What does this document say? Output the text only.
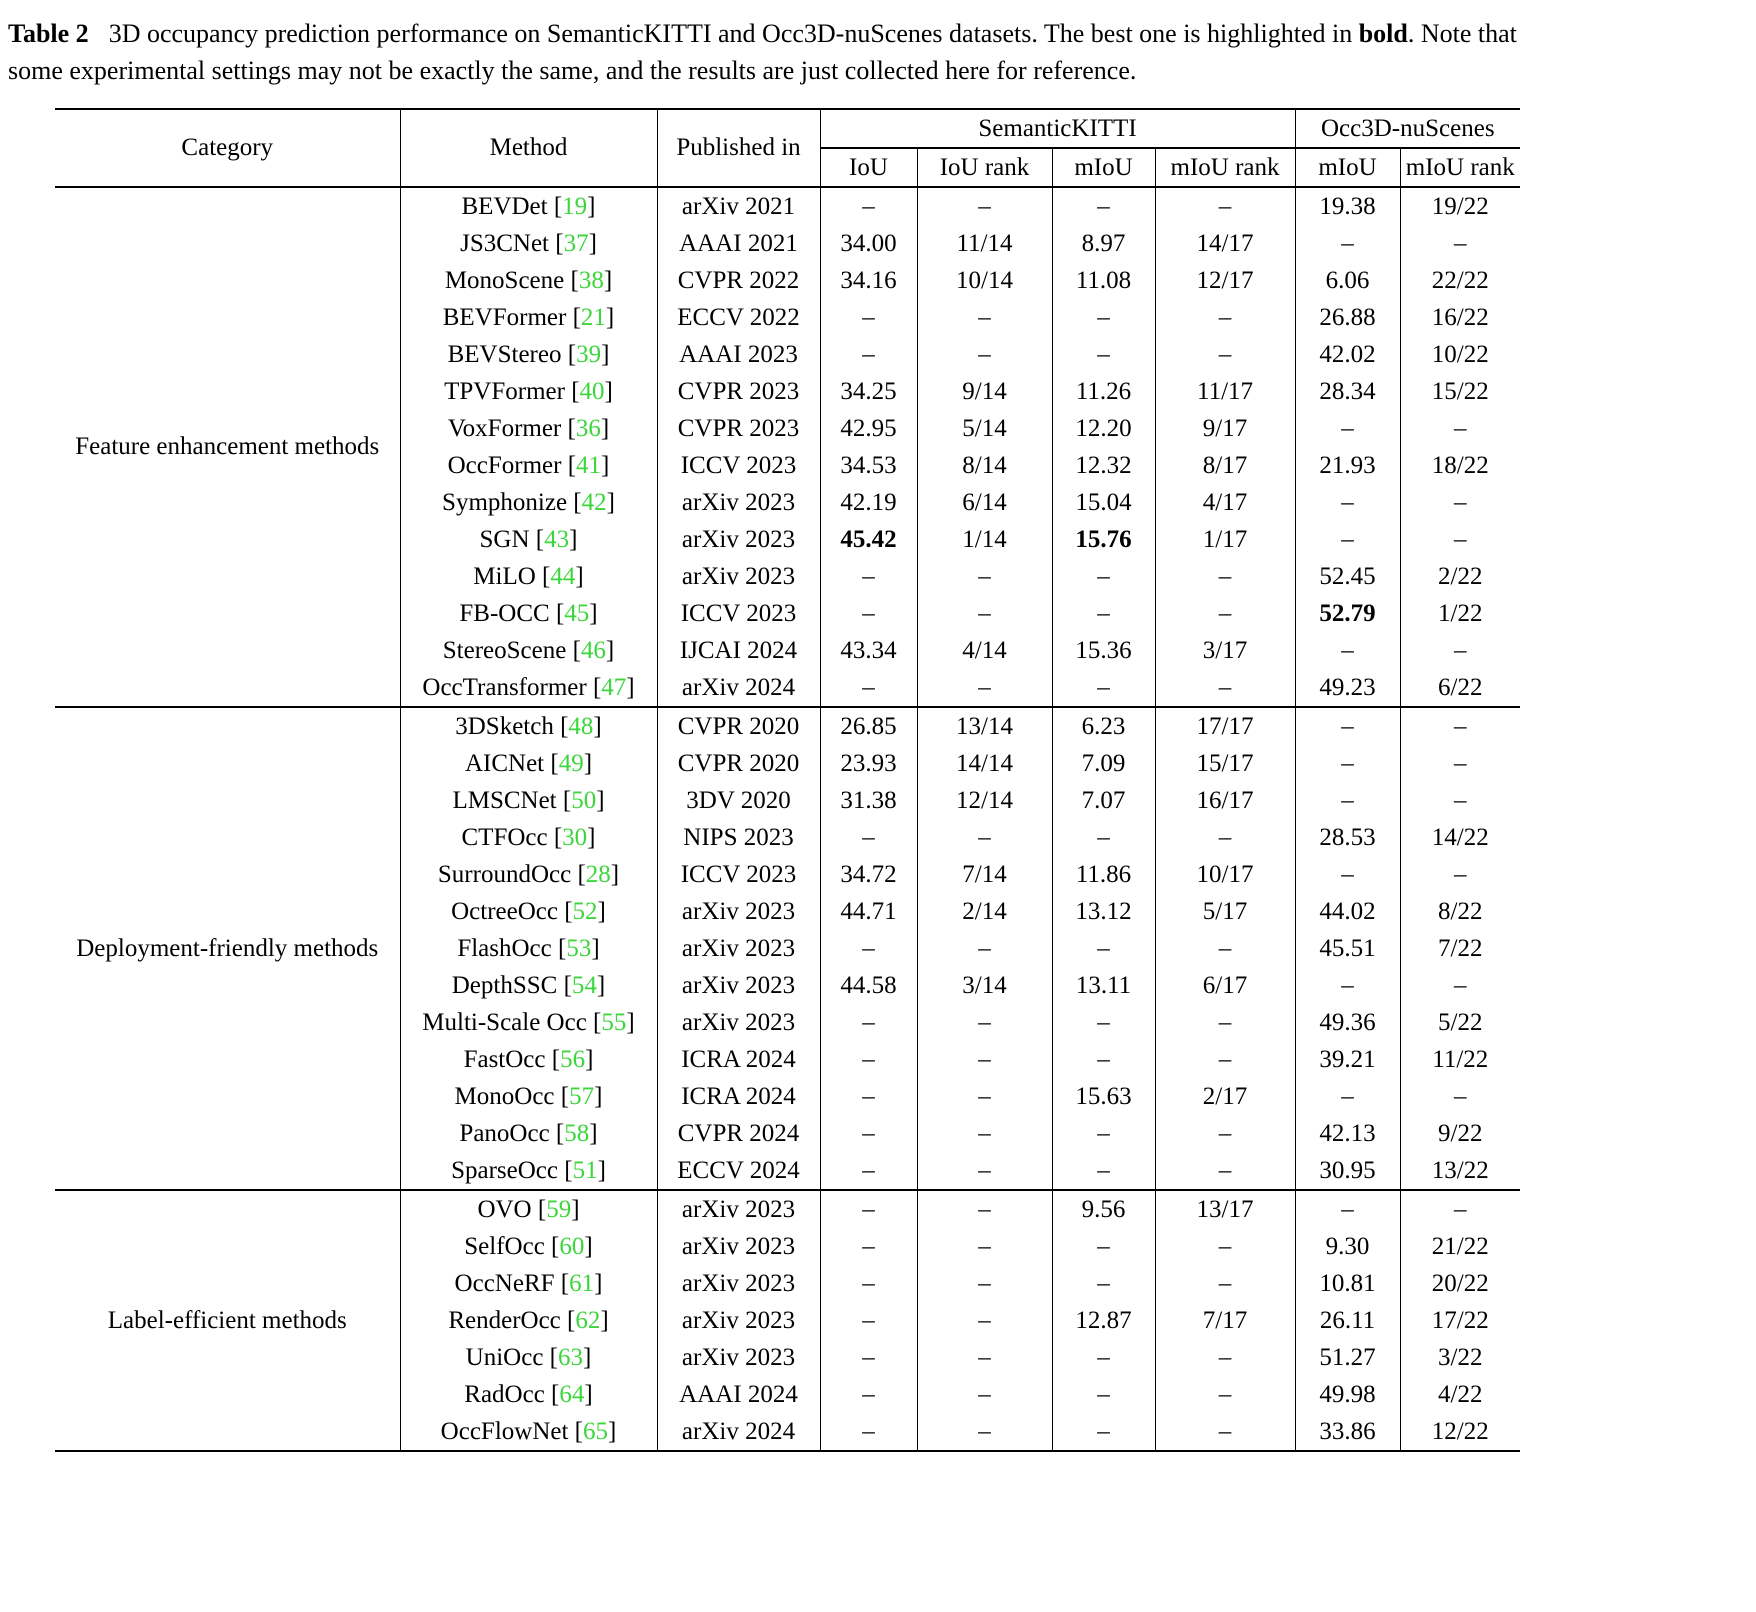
Table 2 3D occupancy prediction performance on SemanticKITTI and Occ3D-nuScenes datasets. The best one is highlighted in bold. Note that some experimental settings may not be exactly the same, and the results are just collected here for reference.
Category	Method	Published in	SemanticKITTI				Occ3D-nuScenes	
			IoU	IoU rank	mIoU	mIoU rank	mIoU	mIoU rank
Feature enhancement methods	BEVDet [19]	arXiv 2021	–	–	–	–	19.38	19/22
	JS3CNet [37]	AAAI 2021	34.00	11/14	8.97	14/17	–	–
	MonoScene [38]	CVPR 2022	34.16	10/14	11.08	12/17	6.06	22/22
	BEVFormer [21]	ECCV 2022	–	–	–	–	26.88	16/22
	BEVStereo [39]	AAAI 2023	–	–	–	–	42.02	10/22
	TPVFormer [40]	CVPR 2023	34.25	9/14	11.26	11/17	28.34	15/22
	VoxFormer [36]	CVPR 2023	42.95	5/14	12.20	9/17	–	–
	OccFormer [41]	ICCV 2023	34.53	8/14	12.32	8/17	21.93	18/22
	Symphonize [42]	arXiv 2023	42.19	6/14	15.04	4/17	–	–
	SGN [43]	arXiv 2023	45.42	1/14	15.76	1/17	–	–
	MiLO [44]	arXiv 2023	–	–	–	–	52.45	2/22
	FB-OCC [45]	ICCV 2023	–	–	–	–	52.79	1/22
	StereoScene [46]	IJCAI 2024	43.34	4/14	15.36	3/17	–	–
	OccTransformer [47]	arXiv 2024	–	–	–	–	49.23	6/22
Deployment-friendly methods	3DSketch [48]	CVPR 2020	26.85	13/14	6.23	17/17	–	–
	AICNet [49]	CVPR 2020	23.93	14/14	7.09	15/17	–	–
	LMSCNet [50]	3DV 2020	31.38	12/14	7.07	16/17	–	–
	CTFOcc [30]	NIPS 2023	–	–	–	–	28.53	14/22
	SurroundOcc [28]	ICCV 2023	34.72	7/14	11.86	10/17	–	–
	OctreeOcc [52]	arXiv 2023	44.71	2/14	13.12	5/17	44.02	8/22
	FlashOcc [53]	arXiv 2023	–	–	–	–	45.51	7/22
	DepthSSC [54]	arXiv 2023	44.58	3/14	13.11	6/17	–	–
	Multi-Scale Occ [55]	arXiv 2023	–	–	–	–	49.36	5/22
	FastOcc [56]	ICRA 2024	–	–	–	–	39.21	11/22
	MonoOcc [57]	ICRA 2024	–	–	15.63	2/17	–	–
	PanoOcc [58]	CVPR 2024	–	–	–	–	42.13	9/22
	SparseOcc [51]	ECCV 2024	–	–	–	–	30.95	13/22
Label-efficient methods	OVO [59]	arXiv 2023	–	–	9.56	13/17	–	–
	SelfOcc [60]	arXiv 2023	–	–	–	–	9.30	21/22
	OccNeRF [61]	arXiv 2023	–	–	–	–	10.81	20/22
	RenderOcc [62]	arXiv 2023	–	–	12.87	7/17	26.11	17/22
	UniOcc [63]	arXiv 2023	–	–	–	–	51.27	3/22
	RadOcc [64]	AAAI 2024	–	–	–	–	49.98	4/22
	OccFlowNet [65]	arXiv 2024	–	–	–	–	33.86	12/22
